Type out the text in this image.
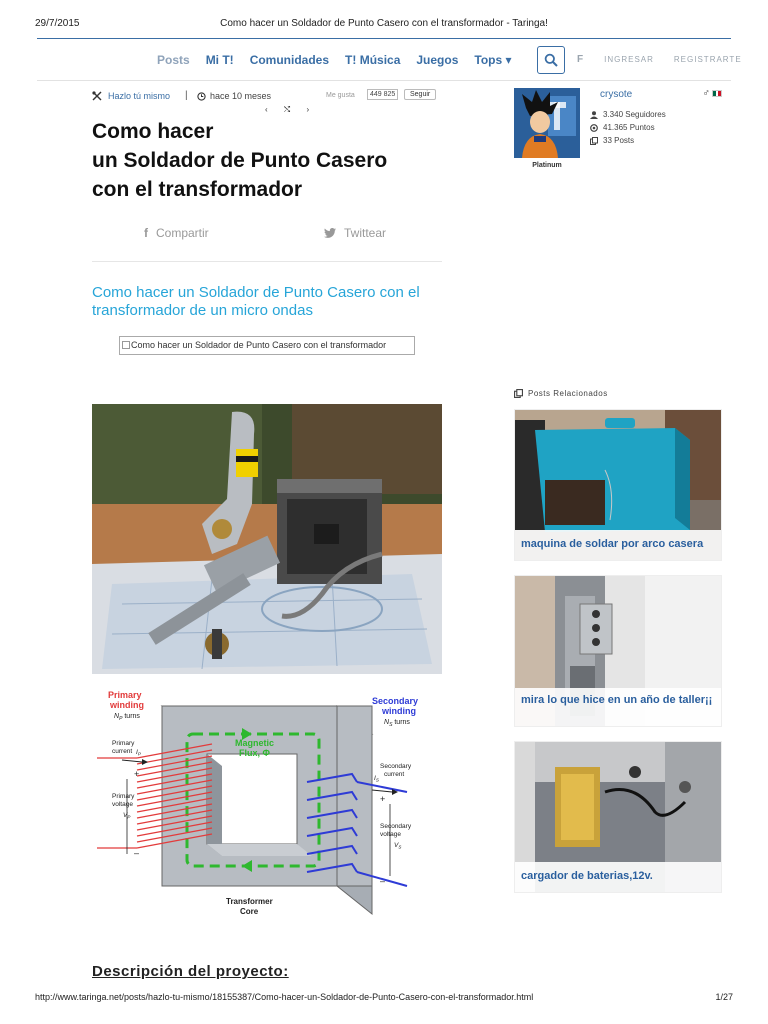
29/7/2015	Como hacer un Soldador de Punto Casero con el transformador - Taringa!
Posts Mi T! Comunidades T! Música Juegos Tops ▾	F	INGRESAR	REGISTRARTE
Hazlo tú mismo | hace 10 meses	Me gusta	449 825	Seguir
‹ ⤭ ›
Como hacer
un Soldador de Punto Casero
con el transformador
f Compartir	Twittear

Como hacer un Soldador de Punto Casero con el transformador de un micro ondas

Como hacer un Soldador de Punto Casero con el transformador
Primary
winding
$N_P$ turns
Secondary
winding
$N_S$ turns
Primary
current $I_P$
+
Primary
voltage
$V_P$
–
Secondary
current
$I_S$
+
Secondary
voltage
$V_S$
–
Magnetic
Flux, Φ
Transformer
Core
Descripción del proyecto:
Platinum
crysote	♂
3.340 Seguidores
41.365 Puntos
33 Posts
Posts Relacionados
maquina de soldar por arco casera
mira lo que hice en un año de taller¡¡
cargador de baterias,12v.
http://www.taringa.net/posts/hazlo-tu-mismo/18155387/Como-hacer-un-Soldador-de-Punto-Casero-con-el-transformador.html	1/27
